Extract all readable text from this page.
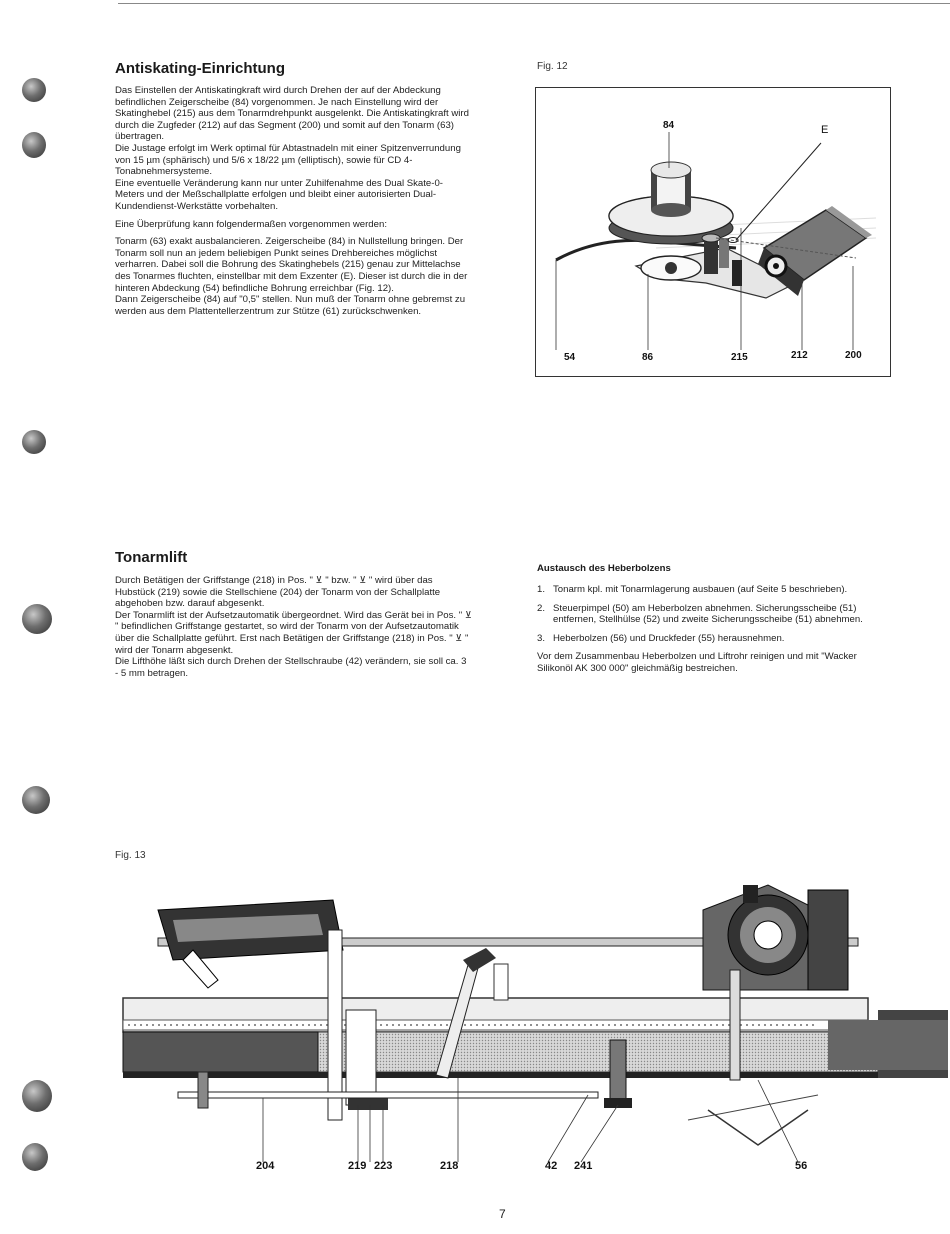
Antiskating-Einrichtung

Das Einstellen der Antiskatingkraft wird durch Drehen der auf der Abdeckung befindlichen Zeigerscheibe (84) vorgenommen. Je nach Einstellung wird der Skatinghebel (215) aus dem Tonarmdrehpunkt ausgelenkt. Die Antiskatingkraft wird durch die Zugfeder (212) auf das Segment (200) und somit auf den Tonarm (63) übertragen.

Die Justage erfolgt im Werk optimal für Abtastnadeln mit einer Spitzenverrundung von 15 µm (sphärisch) und 5/6 x 18/22 µm (elliptisch), sowie für CD 4-Tonabnehmersysteme.

Eine eventuelle Veränderung kann nur unter Zuhilfenahme des Dual Skate-0-Meters und der Meßschallplatte erfolgen und bleibt einer autorisierten Dual-Kundendienst-Werkstätte vorbehalten.

Eine Überprüfung kann folgendermaßen vorgenommen werden:

Tonarm (63) exakt ausbalancieren. Zeigerscheibe (84) in Nullstellung bringen. Der Tonarm soll nun an jedem beliebigen Punkt seines Drehbereiches möglichst verharren. Dabei soll die Bohrung des Skatinghebels (215) genau zur Mittelachse des Tonarmes fluchten, einstellbar mit dem Exzenter (E). Dieser ist durch die in der hinteren Abdeckung (54) befindliche Bohrung erreichbar (Fig. 12).

Dann Zeigerscheibe (84) auf "0,5" stellen. Nun muß der Tonarm ohne gebremst zu werden aus dem Plattentellerzentrum zur Stütze (61) zurückschwenken.

Fig. 12
84	E
54	86	215	212	200
Tonarmlift

Durch Betätigen der Griffstange (218) in Pos. " ⊻ " bzw. " ⊻ " wird über das Hubstück (219) sowie die Stellschiene (204) der Tonarm von der Schallplatte abgehoben bzw. darauf abgesenkt.

Der Tonarmlift ist der Aufsetzautomatik übergeordnet. Wird das Gerät bei in Pos. " ⊻ " befindlichen Griffstange gestartet, so wird der Tonarm von der Aufsetzautomatik über die Schallplatte geführt. Erst nach Betätigen der Griffstange (218) in Pos. " ⊻ " wird der Tonarm abgesenkt.

Die Lifthöhe läßt sich durch Drehen der Stellschraube (42) verändern, sie soll ca. 3 - 5 mm betragen.

Austausch des Heberbolzens
1. Tonarm kpl. mit Tonarmlagerung ausbauen (auf Seite 5 beschrieben).
2. Steuerpimpel (50) am Heberbolzen abnehmen. Sicherungsscheibe (51) entfernen, Stellhülse (52) und zweite Sicherungsscheibe (51) abnehmen.
3. Heberbolzen (56) und Druckfeder (55) herausnehmen.

Vor dem Zusammenbau Heberbolzen und Liftrohr reinigen und mit "Wacker Silikonöl AK 300 000" gleichmäßig bestreichen.

Fig. 13
204	219 223	218	42 241	56
7
